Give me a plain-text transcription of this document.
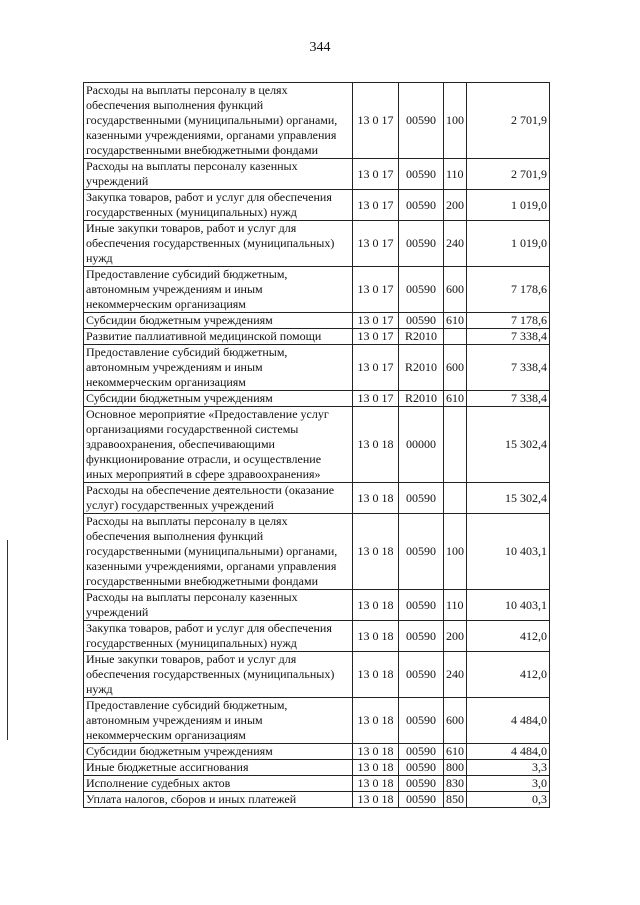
344
Расходы на выплаты персоналу в целях обеспечения выполнения функций государственными (муниципальными) органами, казенными учреждениями, органами управления государственными внебюджетными фондами	13 0 17	00590	100	2 701,9
Расходы на выплаты персоналу казенных учреждений	13 0 17	00590	110	2 701,9
Закупка товаров, работ и услуг для обеспечения государственных (муниципальных) нужд	13 0 17	00590	200	1 019,0
Иные закупки товаров, работ и услуг для обеспечения государственных (муниципальных) нужд	13 0 17	00590	240	1 019,0
Предоставление субсидий бюджетным, автономным учреждениям и иным некоммерческим организациям	13 0 17	00590	600	7 178,6
Субсидии бюджетным учреждениям	13 0 17	00590	610	7 178,6
Развитие паллиативной медицинской помощи	13 0 17	R2010		7 338,4
Предоставление субсидий бюджетным, автономным учреждениям и иным некоммерческим организациям	13 0 17	R2010	600	7 338,4
Субсидии бюджетным учреждениям	13 0 17	R2010	610	7 338,4
Основное мероприятие «Предоставление услуг организациями государственной системы здравоохранения, обеспечивающими функционирование отрасли, и осуществление иных мероприятий в сфере здравоохранения»	13 0 18	00000		15 302,4
Расходы на обеспечение деятельности (оказание услуг) государственных учреждений	13 0 18	00590		15 302,4
Расходы на выплаты персоналу в целях обеспечения выполнения функций государственными (муниципальными) органами, казенными учреждениями, органами управления государственными внебюджетными фондами	13 0 18	00590	100	10 403,1
Расходы на выплаты персоналу казенных учреждений	13 0 18	00590	110	10 403,1
Закупка товаров, работ и услуг для обеспечения государственных (муниципальных) нужд	13 0 18	00590	200	412,0
Иные закупки товаров, работ и услуг для обеспечения государственных (муниципальных) нужд	13 0 18	00590	240	412,0
Предоставление субсидий бюджетным, автономным учреждениям и иным некоммерческим организациям	13 0 18	00590	600	4 484,0
Субсидии бюджетным учреждениям	13 0 18	00590	610	4 484,0
Иные бюджетные ассигнования	13 0 18	00590	800	3,3
Исполнение судебных актов	13 0 18	00590	830	3,0
Уплата налогов, сборов и иных платежей	13 0 18	00590	850	0,3
